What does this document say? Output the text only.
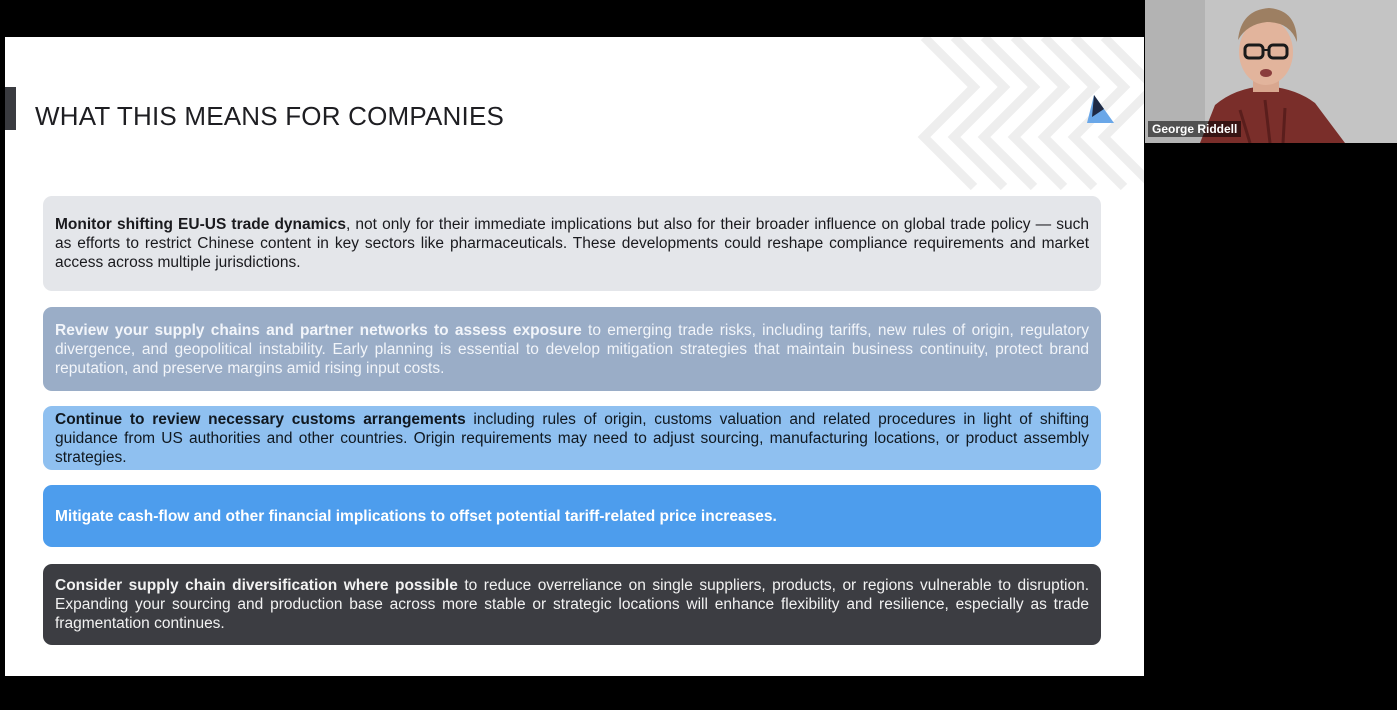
WHAT THIS MEANS FOR COMPANIES

Monitor shifting EU-US trade dynamics, not only for their immediate implications but also for their broader influence on global trade policy — such as efforts to restrict Chinese content in key sectors like pharmaceuticals. These developments could reshape compliance requirements and market access across multiple jurisdictions.

Review your supply chains and partner networks to assess exposure to emerging trade risks, including tariffs, new rules of origin, regulatory divergence, and geopolitical instability. Early planning is essential to develop mitigation strategies that maintain business continuity, protect brand reputation, and preserve margins amid rising input costs.

Continue to review necessary customs arrangements including rules of origin, customs valuation and related procedures in light of shifting guidance from US authorities and other countries. Origin requirements may need to adjust sourcing, manufacturing locations, or product assembly strategies.

Mitigate cash-flow and other financial implications to offset potential tariff-related price increases.

Consider supply chain diversification where possible to reduce overreliance on single suppliers, products, or regions vulnerable to disruption. Expanding your sourcing and production base across more stable or strategic locations will enhance flexibility and resilience, especially as trade fragmentation continues.

George Riddell
